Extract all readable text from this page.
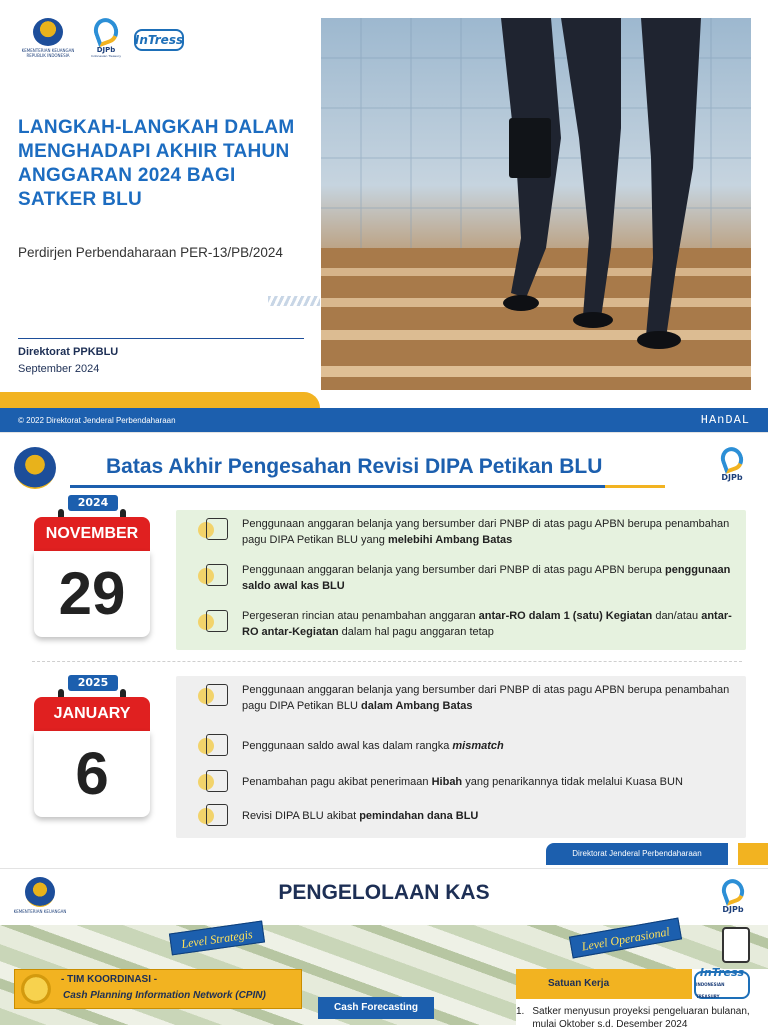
KEMENTERIAN KEUANGAN REPUBLIK INDONESIA
DJPb
Indonesian Treasury
InTress
LANGKAH-LANGKAH DALAM MENGHADAPI AKHIR TAHUN ANGGARAN 2024 BAGI SATKER BLU
Perdirjen Perbendaharaan PER-13/PB/2024
Direktorat PPKBLU
September 2024
© 2022 Direktorat Jenderal Perbendaharaan	HAnDAL
Batas Akhir Pengesahan Revisi DIPA Petikan BLU	DJPb
NOVEMBER
29
2024
Penggunaan anggaran belanja yang bersumber dari PNBP di atas pagu APBN berupa penambahan pagu DIPA Petikan BLU yang melebihi Ambang Batas
Penggunaan anggaran belanja yang bersumber dari PNBP di atas pagu APBN berupa penggunaan saldo awal kas BLU
Pergeseran rincian atau penambahan anggaran antar-RO dalam 1 (satu) Kegiatan dan/atau antar-RO antar-Kegiatan dalam hal pagu anggaran tetap
JANUARY
6
2025
Penggunaan anggaran belanja yang bersumber dari PNBP di atas pagu APBN berupa penambahan pagu DIPA Petikan BLU dalam Ambang Batas
Penggunaan saldo awal kas dalam rangka mismatch
Penambahan pagu akibat penerimaan Hibah yang penarikannya tidak melalui Kuasa BUN
Revisi DIPA BLU akibat pemindahan dana BLU
Direktorat Jenderal Perbendaharaan
KEMENTERIAN KEUANGAN
PENGELOLAAN KAS
DJPb
Level Strategis	Level Operasional
- TIM KOORDINASI -
Cash Planning Information Network (CPIN)
Cash Forecasting
Satuan Kerja
InTress
INDONESIAN TREASURY
1. Satker menyusun proyeksi pengeluaran bulanan, mulai Oktober s.d. Desember 2024
